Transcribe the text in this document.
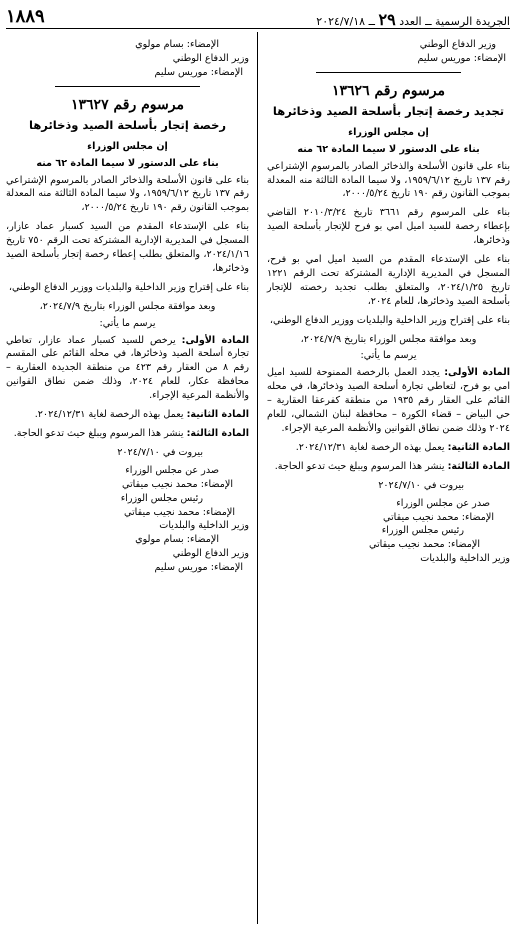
١٨٨٩	الجريدة الرسمية ــ العدد ٢٩ ــ ٢٠٢٤/٧/١٨

وزير الدفاع الوطني

الإمضاء: موريس سليم

مرسوم رقم ١٣٦٢٦
تجديد رخصة إتجار بأسلحة الصيد وذخائرها
إن مجلس الوزراء
بناء على الدستور لا سيما المادة ٦٢ منه

بناء على قانون الأسلحة والذخائر الصادر بالمرسوم الإشتراعي رقم ١٣٧ تاريخ ١٩٥٩/٦/١٢، ولا سيما المادة الثالثة منه المعدلة بموجب القانون رقم ١٩٠ تاريخ ٢٠٠٠/٥/٢٤،

بناء على المرسوم رقم ٣٦٦١ تاريخ ٢٠١٠/٣/٢٤ القاضي بإعطاء رخصة للسيد اميل امي بو فرح للإتجار بأسلحة الصيد وذخائرها،

بناء على الإستدعاء المقدم من السيد اميل امي بو فرح، المسجل في المديرية الإدارية المشتركة تحت الرقم ١٢٢١ تاريخ ٢٠٢٤/١/٢٥، والمتعلق بطلب تجديد رخصته للإتجار بأسلحة الصيد وذخائرها، للعام ٢٠٢٤،

بناء على إقتراح وزير الداخلية والبلديات ووزير الدفاع الوطني،

وبعد موافقة مجلس الوزراء بتاريخ ٢٠٢٤/٧/٩،
يرسم ما يأتي:

المادة الأولى: يجدد العمل بالرخصة الممنوحة للسيد اميل امي بو فرح، لتعاطي تجارة أسلحة الصيد وذخائرها، في محله القائم على العقار رقم ١٩٣٥ من منطقة كفرعقا العقارية – حي البياض – قضاء الكورة – محافظة لبنان الشمالي، للعام ٢٠٢٤ وذلك ضمن نطاق القوانين والأنظمة المرعية الإجراء.

المادة الثانية: يعمل بهذه الرخصة لغاية ٢٠٢٤/١٢/٣١.

المادة الثالثة: ينشر هذا المرسوم ويبلغ حيث تدعو الحاجة.

بيروت في ٢٠٢٤/٧/١٠

صدر عن مجلس الوزراء

الإمضاء: محمد نجيب ميقاتي

رئيس مجلس الوزراء

الإمضاء: محمد نجيب ميقاتي

وزير الداخلية والبلديات

الإمضاء: بسام مولوي

وزير الدفاع الوطني

الإمضاء: موريس سليم

مرسوم رقم ١٣٦٢٧
رخصة إتجار بأسلحة الصيد وذخائرها
إن مجلس الوزراء
بناء على الدستور لا سيما المادة ٦٢ منه

بناء على قانون الأسلحة والذخائر الصادر بالمرسوم الإشتراعي رقم ١٣٧ تاريخ ١٩٥٩/٦/١٢، ولا سيما المادة الثالثة منه المعدلة بموجب القانون رقم ١٩٠ تاريخ ٢٠٠٠/٥/٢٤،

بناء على الإستدعاء المقدم من السيد كسبار عماد عازار، المسجل في المديرية الإدارية المشتركة تحت الرقم ٧٥٠ تاريخ ٢٠٢٤/١/١٦، والمتعلق بطلب إعطاء رخصة إتجار بأسلحة الصيد وذخائرها،

بناء على إقتراح وزير الداخلية والبلديات ووزير الدفاع الوطني،

وبعد موافقة مجلس الوزراء بتاريخ ٢٠٢٤/٧/٩،
يرسم ما يأتي:

المادة الأولى: يرخص للسيد كسبار عماد عازار، تعاطي تجارة أسلحة الصيد وذخائرها، في محله القائم على المقسم رقم ٨ من العقار رقم ٤٢٣ من منطقة الجديدة العقارية – محافظة عكار، للعام ٢٠٢٤، وذلك ضمن نطاق القوانين والأنظمة المرعية الإجراء.

المادة الثانية: يعمل بهذه الرخصة لغاية ٢٠٢٤/١٢/٣١.

المادة الثالثة: ينشر هذا المرسوم ويبلغ حيث تدعو الحاجة.

بيروت في ٢٠٢٤/٧/١٠

صدر عن مجلس الوزراء

الإمضاء: محمد نجيب ميقاتي

رئيس مجلس الوزراء

الإمضاء: محمد نجيب ميقاتي

وزير الداخلية والبلديات

الإمضاء: بسام مولوي

وزير الدفاع الوطني

الإمضاء: موريس سليم
